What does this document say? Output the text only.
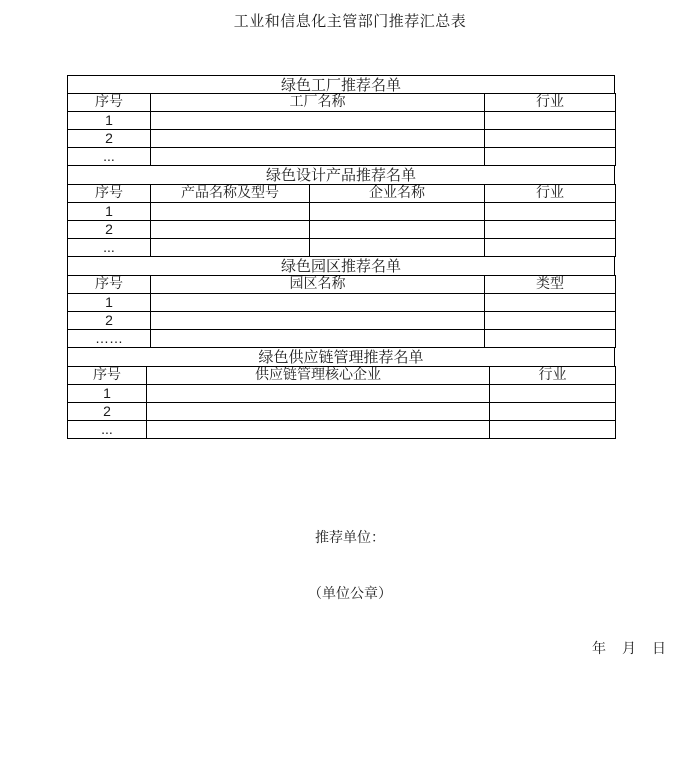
工业和信息化主管部门推荐汇总表
绿色工厂推荐名单
序号	工厂名称	行业
1		
2		
...		
绿色设计产品推荐名单
序号	产品名称及型号	企业名称	行业
1			
2			
...			
绿色园区推荐名单
序号	园区名称	类型
1		
2		
……		
绿色供应链管理推荐名单
序号	供应链管理核心企业	行业
1		
2		
...		
推荐单位：
（单位公章）
年　月　日
